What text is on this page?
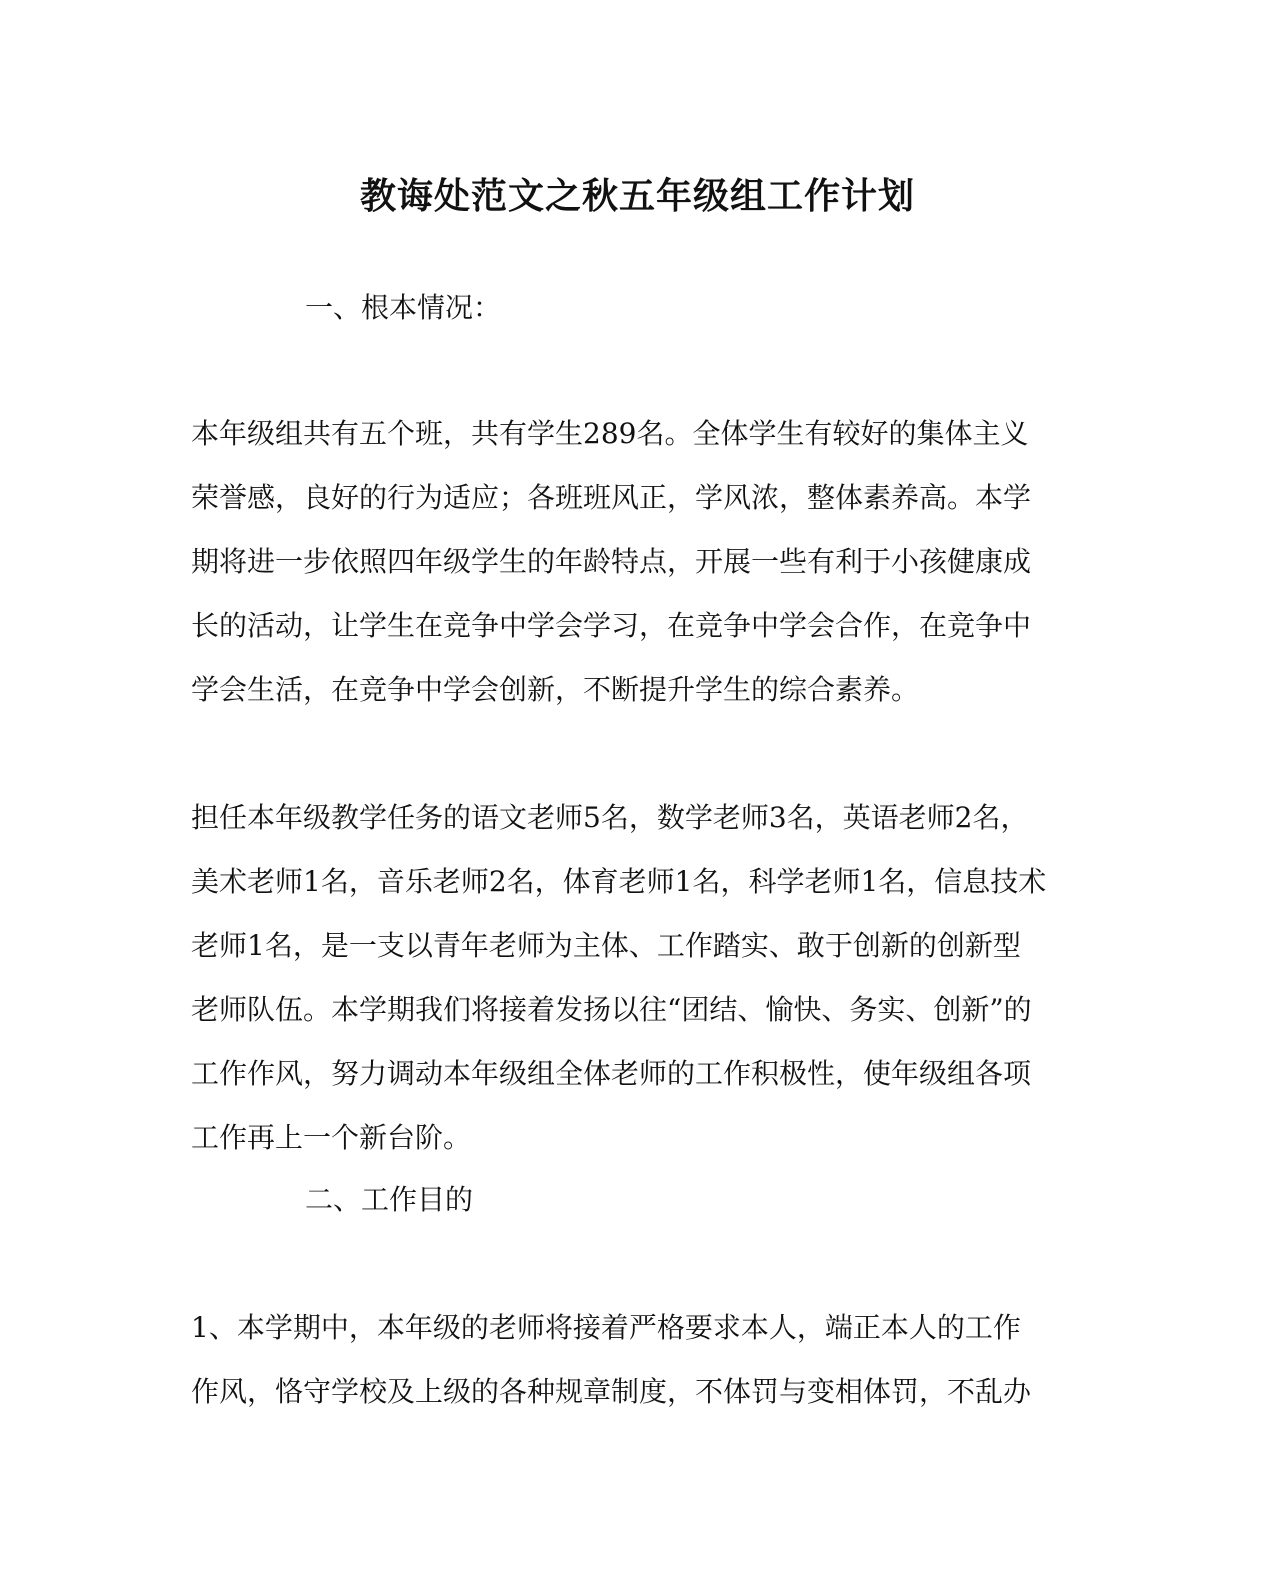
教诲处范文之秋五年级组工作计划
一、根本情况：
本年级组共有五个班，共有学生289名。全体学生有较好的集体主义
荣誉感，良好的行为适应；各班班风正，学风浓，整体素养高。本学
期将进一步依照四年级学生的年龄特点，开展一些有利于小孩健康成
长的活动，让学生在竞争中学会学习，在竞争中学会合作，在竞争中
学会生活，在竞争中学会创新，不断提升学生的综合素养。
担任本年级教学任务的语文老师5名，数学老师3名，英语老师2名，
美术老师1名，音乐老师2名，体育老师1名，科学老师1名，信息技术
老师1名，是一支以青年老师为主体、工作踏实、敢于创新的创新型
老师队伍。本学期我们将接着发扬以往“团结、愉快、务实、创新”的
工作作风，努力调动本年级组全体老师的工作积极性，使年级组各项
工作再上一个新台阶。
二、工作目的
1、本学期中，本年级的老师将接着严格要求本人，端正本人的工作
作风，恪守学校及上级的各种规章制度，不体罚与变相体罚，不乱办
